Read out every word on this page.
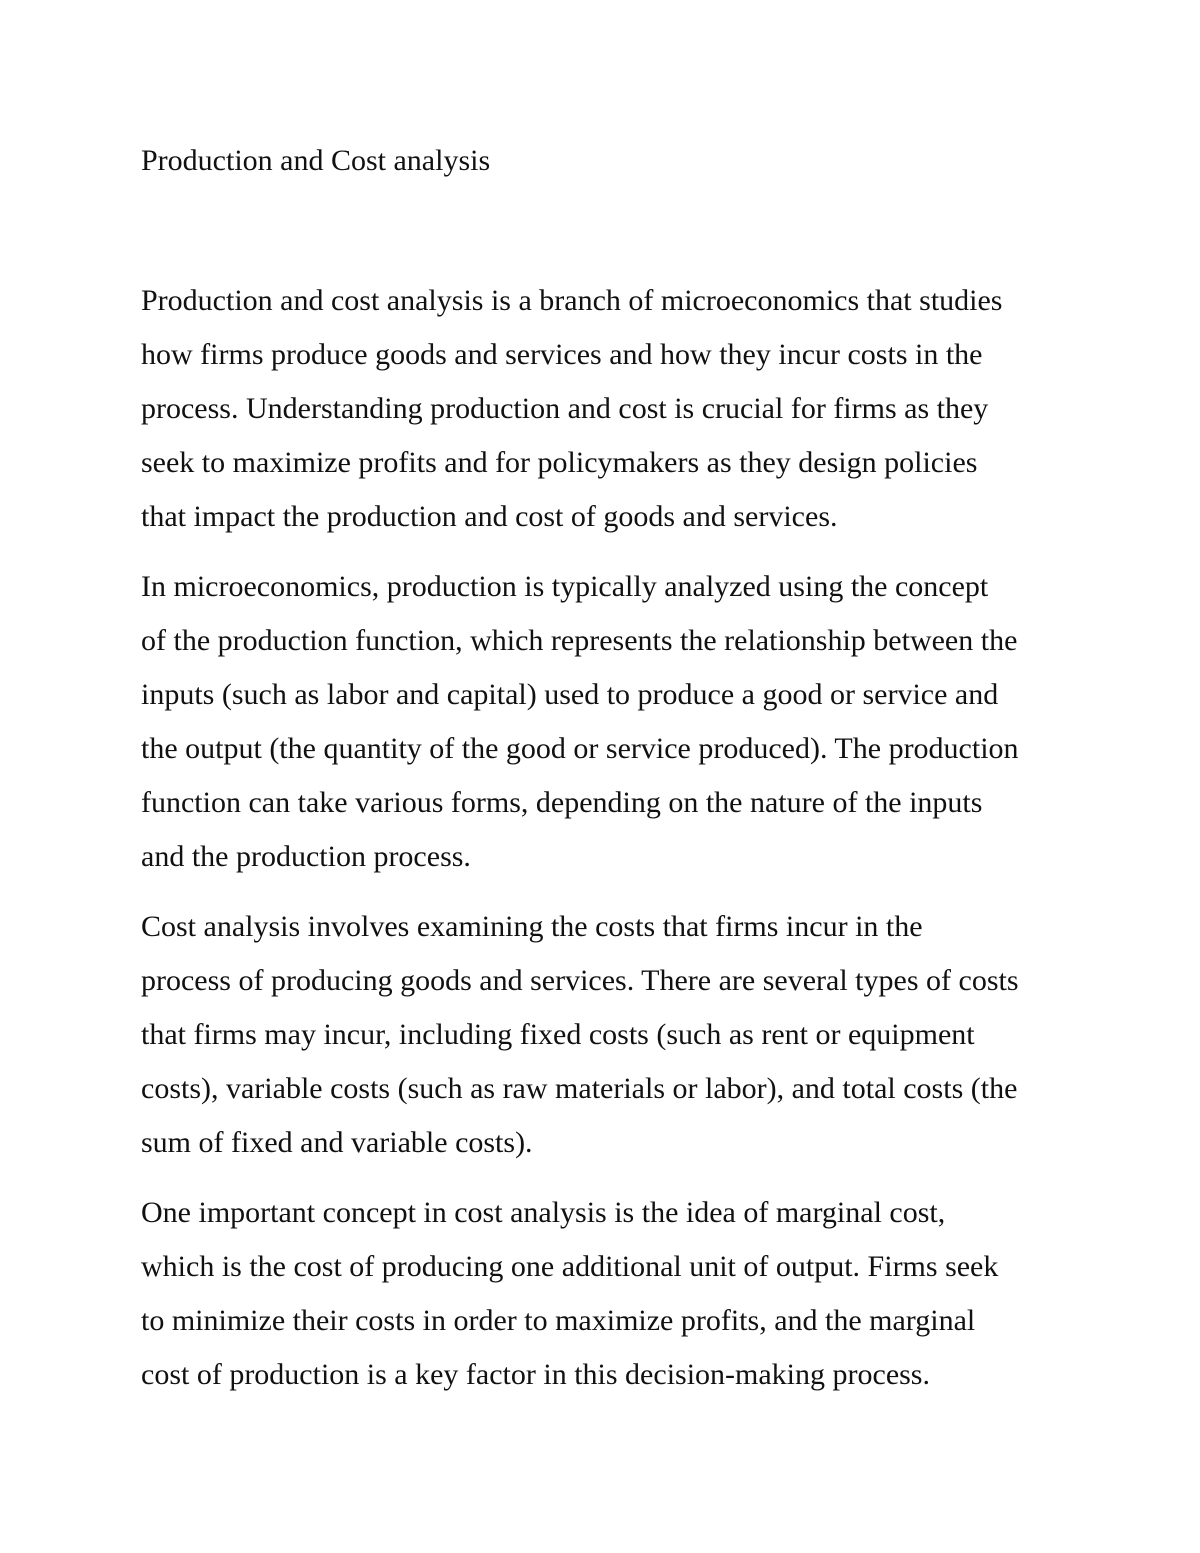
Production and Cost analysis
Production and cost analysis is a branch of microeconomics that studies
how firms produce goods and services and how they incur costs in the
process. Understanding production and cost is crucial for firms as they
seek to maximize profits and for policymakers as they design policies
that impact the production and cost of goods and services.
In microeconomics, production is typically analyzed using the concept
of the production function, which represents the relationship between the
inputs (such as labor and capital) used to produce a good or service and
the output (the quantity of the good or service produced). The production
function can take various forms, depending on the nature of the inputs
and the production process.
Cost analysis involves examining the costs that firms incur in the
process of producing goods and services. There are several types of costs
that firms may incur, including fixed costs (such as rent or equipment
costs), variable costs (such as raw materials or labor), and total costs (the
sum of fixed and variable costs).
One important concept in cost analysis is the idea of marginal cost,
which is the cost of producing one additional unit of output. Firms seek
to minimize their costs in order to maximize profits, and the marginal
cost of production is a key factor in this decision-making process.
